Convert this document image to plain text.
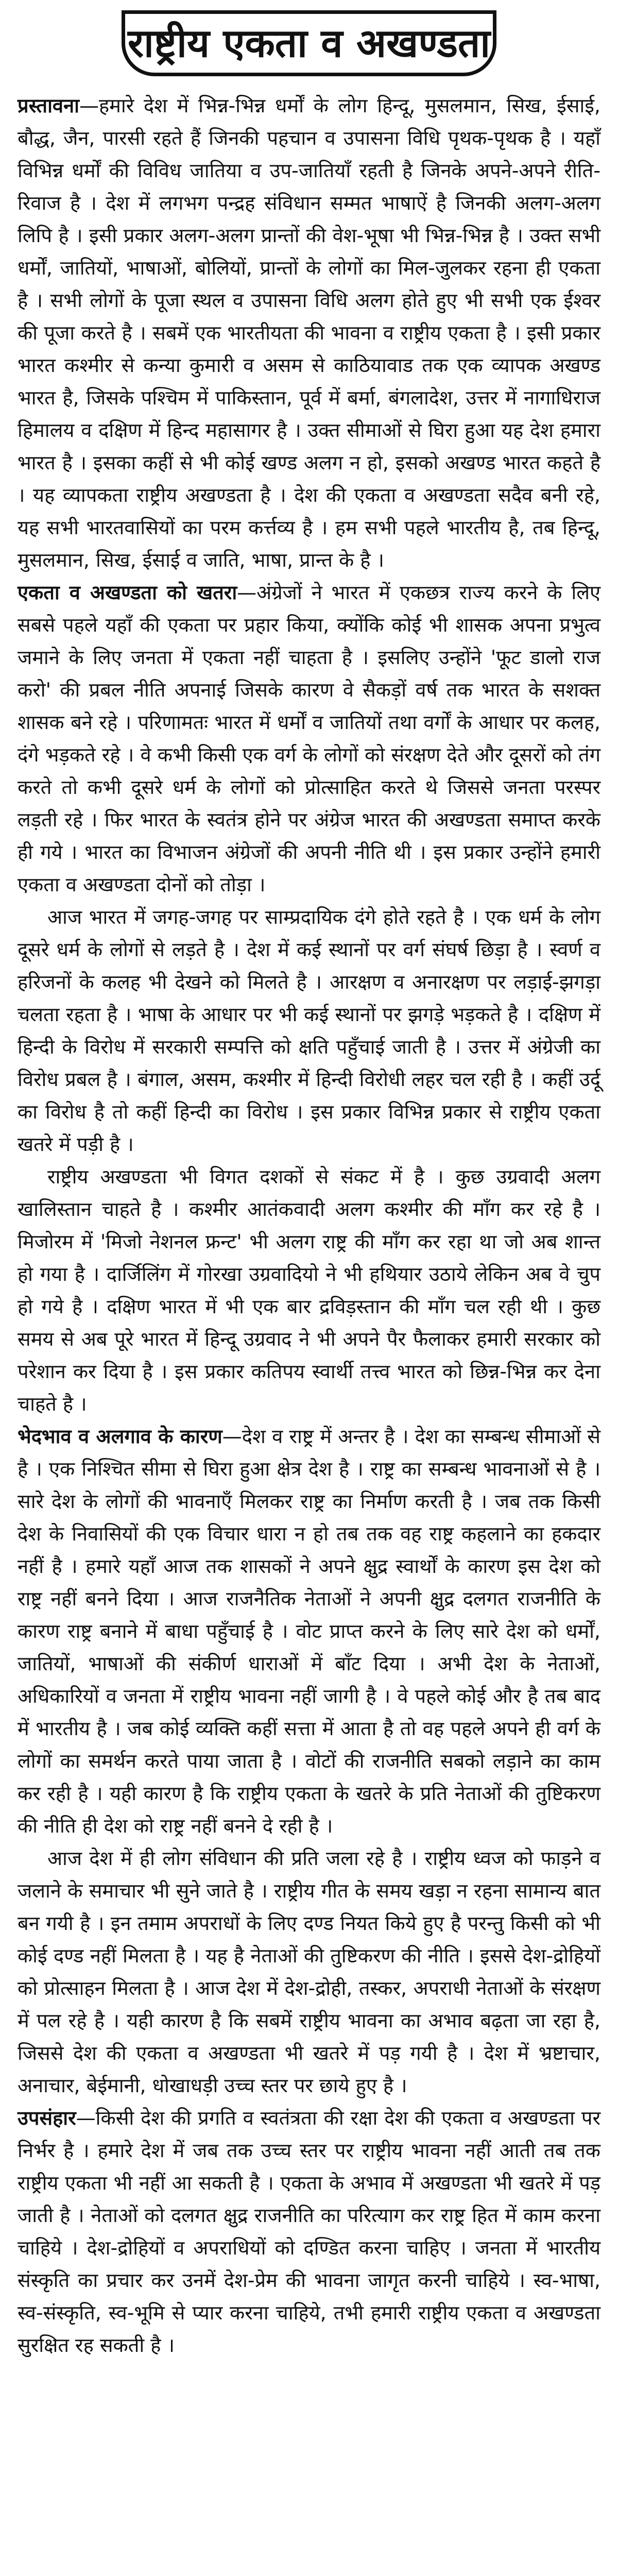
राष्ट्रीय एकता व अखण्डता

प्रस्तावना—हमारे देश में भिन्न-भिन्न धर्मों के लोग हिन्दू, मुसलमान, सिख, ईसाई, बौद्ध, जैन, पारसी रहते हैं जिनकी पहचान व उपासना विधि पृथक-पृथक है । यहाँ विभिन्न धर्मों की विविध जातिया व उप-जातियाँ रहती है जिनके अपने-अपने रीति-रिवाज है । देश में लगभग पन्द्रह संविधान सम्मत भाषाऐं है जिनकी अलग-अलग लिपि है । इसी प्रकार अलग-अलग प्रान्तों की वेश-भूषा भी भिन्न-भिन्न है । उक्त सभी धर्मों, जातियों, भाषाओं, बोलियों, प्रान्तों के लोगों का मिल-जुलकर रहना ही एकता है । सभी लोगों के पूजा स्थल व उपासना विधि अलग होते हुए भी सभी एक ईश्वर की पूजा करते है । सबमें एक भारतीयता की भावना व राष्ट्रीय एकता है । इसी प्रकार भारत कश्मीर से कन्या कुमारी व असम से काठियावाड तक एक व्यापक अखण्ड भारत है, जिसके पश्चिम में पाकिस्तान, पूर्व में बर्मा, बंगलादेश, उत्तर में नागाधिराज हिमालय व दक्षिण में हिन्द महासागर है । उक्त सीमाओं से घिरा हुआ यह देश हमारा भारत है । इसका कहीं से भी कोई खण्ड अलग न हो, इसको अखण्ड भारत कहते है । यह व्यापकता राष्ट्रीय अखण्डता है । देश की एकता व अखण्डता सदैव बनी रहे, यह सभी भारतवासियों का परम कर्त्तव्य है । हम सभी पहले भारतीय है, तब हिन्दू, मुसलमान, सिख, ईसाई व जाति, भाषा, प्रान्त के है ।

एकता व अखण्डता को खतरा—अंग्रेजों ने भारत में एकछत्र राज्य करने के लिए सबसे पहले यहाँ की एकता पर प्रहार किया, क्योंकि कोई भी शासक अपना प्रभुत्व जमाने के लिए जनता में एकता नहीं चाहता है । इसलिए उन्होंने 'फूट डालो राज करो' की प्रबल नीति अपनाई जिसके कारण वे सैकड़ों वर्ष तक भारत के सशक्त शासक बने रहे । परिणामतः भारत में धर्मों व जातियों तथा वर्गों के आधार पर कलह, दंगे भड़कते रहे । वे कभी किसी एक वर्ग के लोगों को संरक्षण देते और दूसरों को तंग करते तो कभी दूसरे धर्म के लोगों को प्रोत्साहित करते थे जिससे जनता परस्पर लड़ती रहे । फिर भारत के स्वतंत्र होने पर अंग्रेज भारत की अखण्डता समाप्त करके ही गये । भारत का विभाजन अंग्रेजों की अपनी नीति थी । इस प्रकार उन्होंने हमारी एकता व अखण्डता दोनों को तोड़ा ।

आज भारत में जगह-जगह पर साम्प्रदायिक दंगे होते रहते है । एक धर्म के लोग दूसरे धर्म के लोगों से लड़ते है । देश में कई स्थानों पर वर्ग संघर्ष छिड़ा है । स्वर्ण व हरिजनों के कलह भी देखने को मिलते है । आरक्षण व अनारक्षण पर लड़ाई-झगड़ा चलता रहता है । भाषा के आधार पर भी कई स्थानों पर झगड़े भड़कते है । दक्षिण में हिन्दी के विरोध में सरकारी सम्पत्ति को क्षति पहुँचाई जाती है । उत्तर में अंग्रेजी का विरोध प्रबल है । बंगाल, असम, कश्मीर में हिन्दी विरोधी लहर चल रही है । कहीं उर्दू का विरोध है तो कहीं हिन्दी का विरोध । इस प्रकार विभिन्न प्रकार से राष्ट्रीय एकता खतरे में पड़ी है ।

राष्ट्रीय अखण्डता भी विगत दशकों से संकट में है । कुछ उग्रवादी अलग खालिस्तान चाहते है । कश्मीर आतंकवादी अलग कश्मीर की माँग कर रहे है । मिजोरम में 'मिजो नेशनल फ्रन्ट' भी अलग राष्ट्र की माँग कर रहा था जो अब शान्त हो गया है । दार्जिलिंग में गोरखा उग्रवादियो ने भी हथियार उठाये लेकिन अब वे चुप हो गये है । दक्षिण भारत में भी एक बार द्रविड़स्तान की माँग चल रही थी । कुछ समय से अब पूरे भारत में हिन्दू उग्रवाद ने भी अपने पैर फैलाकर हमारी सरकार को परेशान कर दिया है । इस प्रकार कतिपय स्वार्थी तत्त्व भारत को छिन्न-भिन्न कर देना चाहते है ।

भेदभाव व अलगाव के कारण—देश व राष्ट्र में अन्तर है । देश का सम्बन्ध सीमाओं से है । एक निश्चित सीमा से घिरा हुआ क्षेत्र देश है । राष्ट्र का सम्बन्ध भावनाओं से है । सारे देश के लोगों की भावनाएँ मिलकर राष्ट्र का निर्माण करती है । जब तक किसी देश के निवासियों की एक विचार धारा न हो तब तक वह राष्ट्र कहलाने का हकदार नहीं है । हमारे यहाँ आज तक शासकों ने अपने क्षुद्र स्वार्थों के कारण इस देश को राष्ट्र नहीं बनने दिया । आज राजनैतिक नेताओं ने अपनी क्षुद्र दलगत राजनीति के कारण राष्ट्र बनाने में बाधा पहुँचाई है । वोट प्राप्त करने के लिए सारे देश को धर्मों, जातियों, भाषाओं की संकीर्ण धाराओं में बाँट दिया । अभी देश के नेताओं, अधिकारियों व जनता में राष्ट्रीय भावना नहीं जागी है । वे पहले कोई और है तब बाद में भारतीय है । जब कोई व्यक्ति कहीं सत्ता में आता है तो वह पहले अपने ही वर्ग के लोगों का समर्थन करते पाया जाता है । वोटों की राजनीति सबको लड़ाने का काम कर रही है । यही कारण है कि राष्ट्रीय एकता के खतरे के प्रति नेताओं की तुष्टिकरण की नीति ही देश को राष्ट्र नहीं बनने दे रही है ।

आज देश में ही लोग संविधान की प्रति जला रहे है । राष्ट्रीय ध्वज को फाड़ने व जलाने के समाचार भी सुने जाते है । राष्ट्रीय गीत के समय खड़ा न रहना सामान्य बात बन गयी है । इन तमाम अपराधों के लिए दण्ड नियत किये हुए है परन्तु किसी को भी कोई दण्ड नहीं मिलता है । यह है नेताओं की तुष्टिकरण की नीति । इससे देश-द्रोहियों को प्रोत्साहन मिलता है । आज देश में देश-द्रोही, तस्कर, अपराधी नेताओं के संरक्षण में पल रहे है । यही कारण है कि सबमें राष्ट्रीय भावना का अभाव बढ़ता जा रहा है, जिससे देश की एकता व अखण्डता भी खतरे में पड़ गयी है । देश में भ्रष्टाचार, अनाचार, बेईमानी, धोखाधड़ी उच्च स्तर पर छाये हुए है ।

उपसंहार—किसी देश की प्रगति व स्वतंत्रता की रक्षा देश की एकता व अखण्डता पर निर्भर है । हमारे देश में जब तक उच्च स्तर पर राष्ट्रीय भावना नहीं आती तब तक राष्ट्रीय एकता भी नहीं आ सकती है । एकता के अभाव में अखण्डता भी खतरे में पड़ जाती है । नेताओं को दलगत क्षुद्र राजनीति का परित्याग कर राष्ट्र हित में काम करना चाहिये । देश-द्रोहियों व अपराधियों को दण्डित करना चाहिए । जनता में भारतीय संस्कृति का प्रचार कर उनमें देश-प्रेम की भावना जागृत करनी चाहिये । स्व-भाषा, स्व-संस्कृति, स्व-भूमि से प्यार करना चाहिये, तभी हमारी राष्ट्रीय एकता व अखण्डता सुरक्षित रह सकती है ।
